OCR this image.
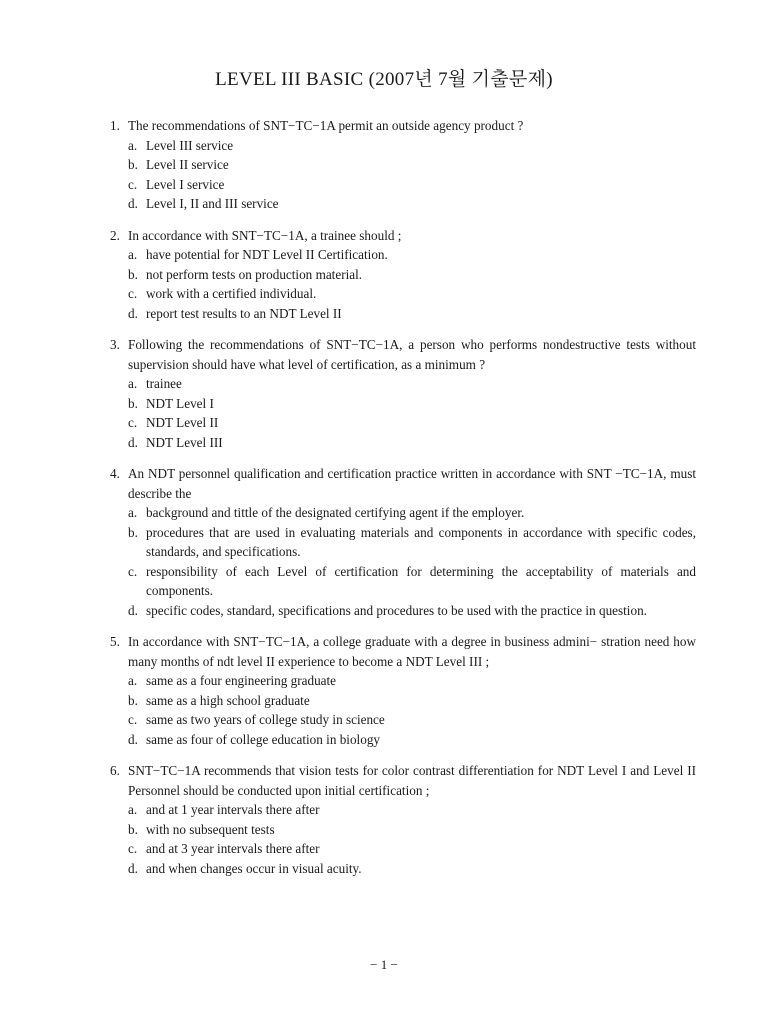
LEVEL III BASIC (2007년 7월 기출문제)
1. The recommendations of SNT−TC−1A permit an outside agency product ?
a. Level III service
b. Level II service
c. Level I service
d. Level I, II and III service
2. In accordance with SNT−TC−1A, a trainee should ;
a. have potential for NDT Level II Certification.
b. not perform tests on production material.
c. work with a certified individual.
d. report test results to an NDT Level II
3. Following the recommendations of SNT−TC−1A, a person who performs nondestructive tests without supervision should have what level of certification, as a minimum ?
a. trainee
b. NDT Level I
c. NDT Level II
d. NDT Level III
4. An NDT personnel qualification and certification practice written in accordance with SNT −TC−1A, must describe the
a. background and tittle of the designated certifying agent if the employer.
b. procedures that are used in evaluating materials and components in accordance with specific codes, standards, and specifications.
c. responsibility of each Level of certification for determining the acceptability of materials and components.
d. specific codes, standard, specifications and procedures to be used with the practice in question.
5. In accordance with SNT−TC−1A, a college graduate with a degree in business admini− stration need how many months of ndt level II experience to become a NDT Level III ;
a. same as a four engineering graduate
b. same as a high school graduate
c. same as two years of college study in science
d. same as four of college education in biology
6. SNT−TC−1A recommends that vision tests for color contrast differentiation for NDT Level I and Level II Personnel should be conducted upon initial certification ;
a. and at 1 year intervals there after
b. with no subsequent tests
c. and at 3 year intervals there after
d. and when changes occur in visual acuity.
− 1 −
